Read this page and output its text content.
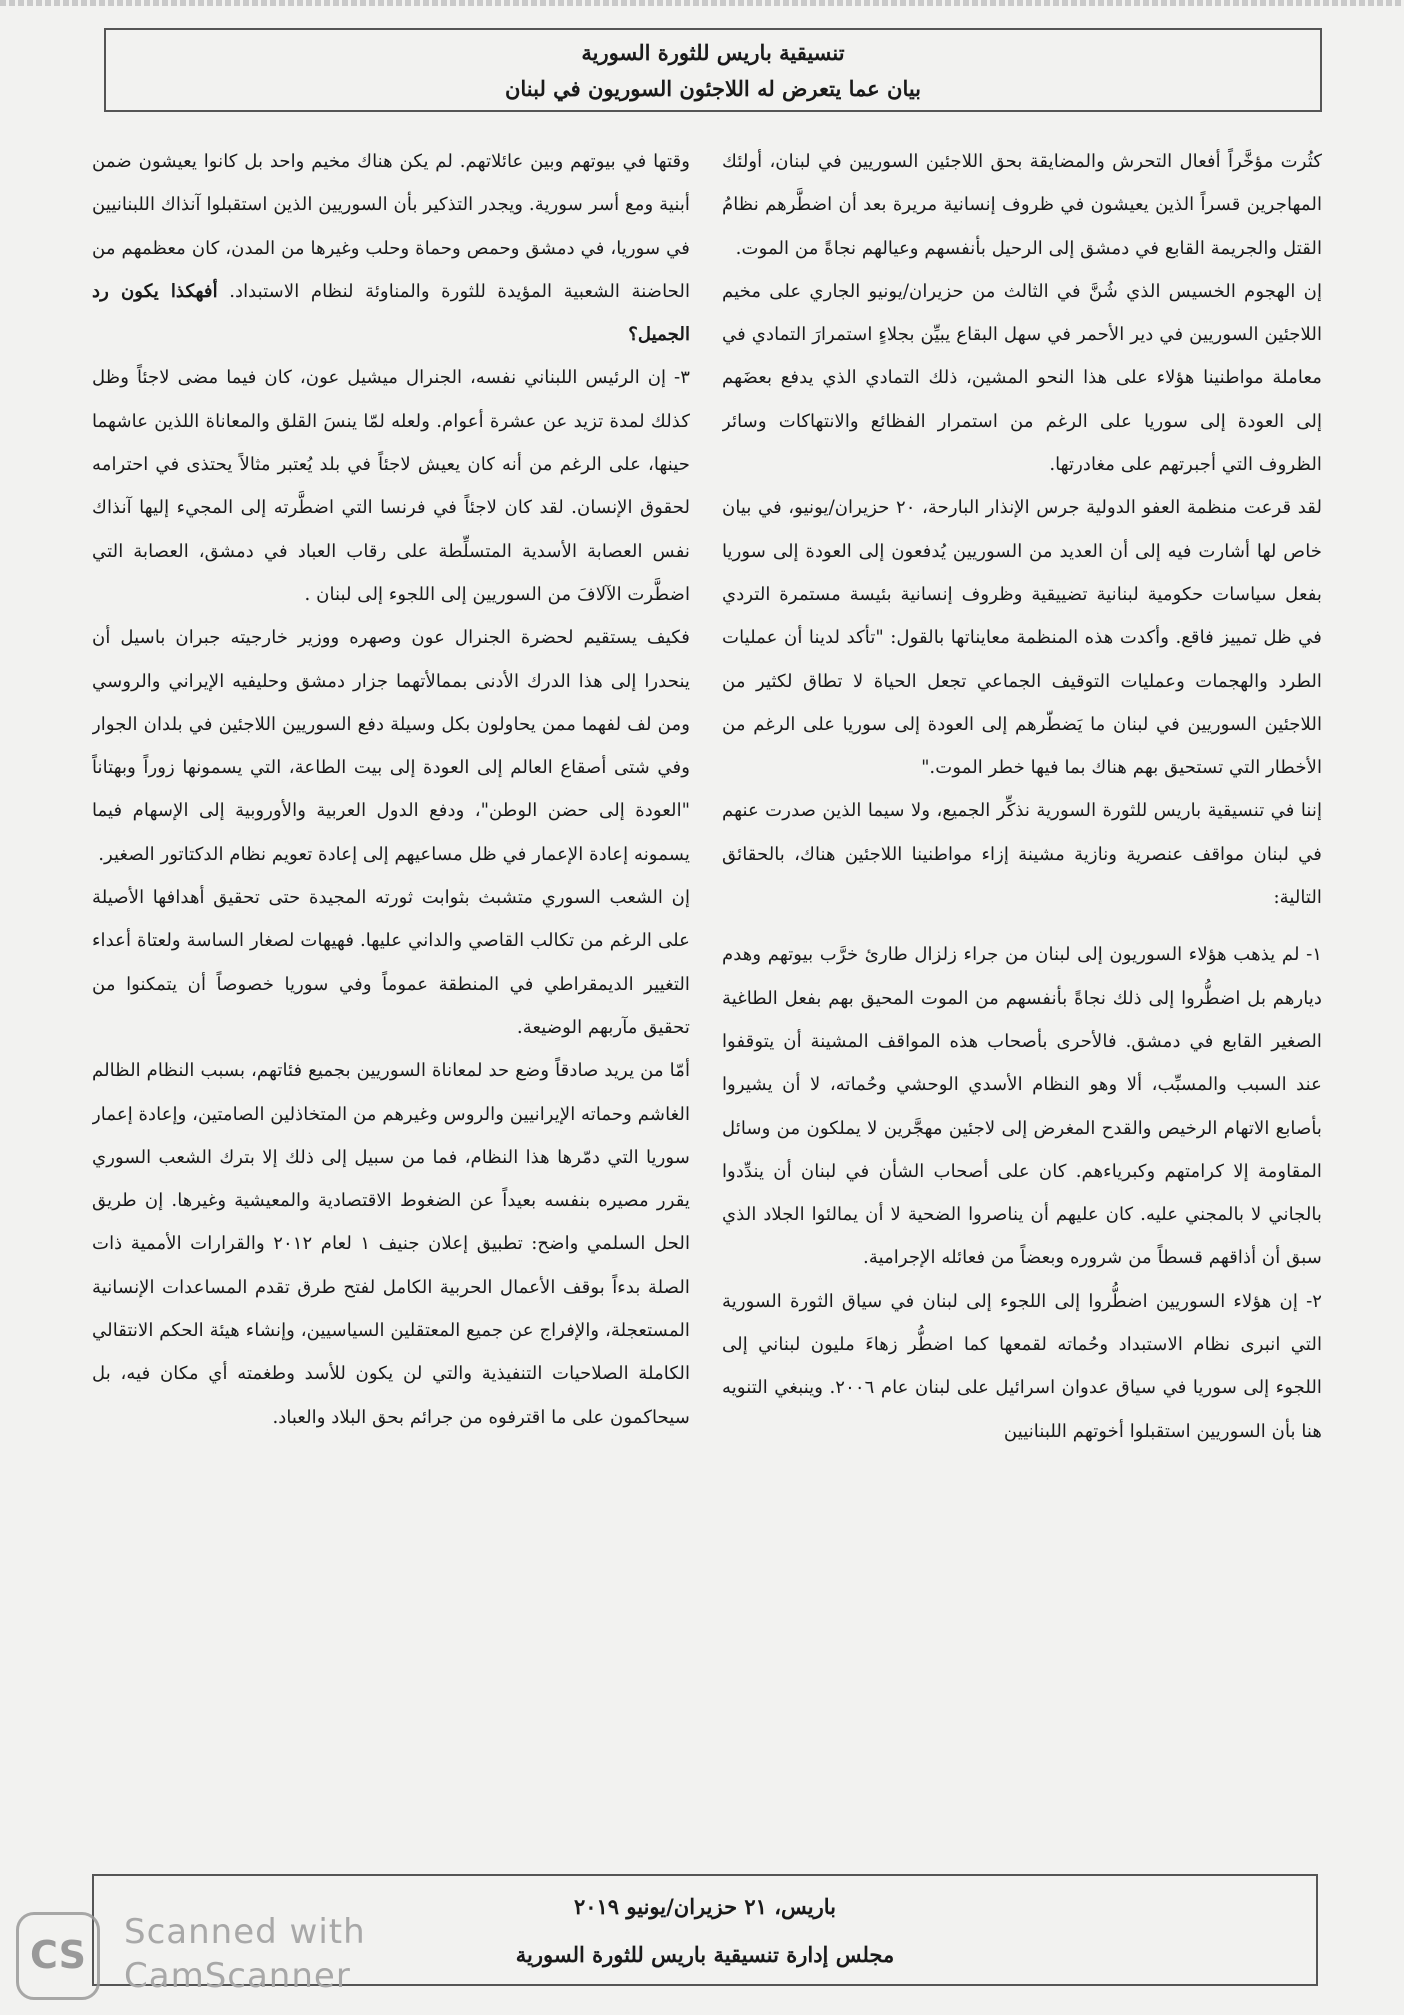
تنسيقية باريس للثورة السورية
بيان عما يتعرض له اللاجئون السوريون في لبنان

كثُرت مؤخَّراً أفعال التحرش والمضايقة بحق اللاجئين السوريين في لبنان، أولئك المهاجرين قسراً الذين يعيشون في ظروف إنسانية مريرة بعد أن اضطَّرهم نظامُ القتل والجريمة القابع في دمشق إلى الرحيل بأنفسهم وعيالهم نجاةً من الموت.

إن الهجوم الخسيس الذي شُنَّ في الثالث من حزيران/يونيو الجاري على مخيم اللاجئين السوريين في دير الأحمر في سهل البقاع يبيِّن بجلاءٍ استمرارَ التمادي في معاملة مواطنينا هؤلاء على هذا النحو المشين، ذلك التمادي الذي يدفع بعضَهم إلى العودة إلى سوريا على الرغم من استمرار الفظائع والانتهاكات وسائر الظروف التي أجبرتهم على مغادرتها.

لقد قرعت منظمة العفو الدولية جرس الإنذار البارحة، ٢٠ حزيران/يونيو، في بيان خاص لها أشارت فيه إلى أن العديد من السوريين يُدفعون إلى العودة إلى سوريا بفعل سياسات حكومية لبنانية تضييقية وظروف إنسانية بئيسة مستمرة التردي في ظل تمييز فاقع. وأكدت هذه المنظمة معايناتها بالقول: "تأكد لدينا أن عمليات الطرد والهجمات وعمليات التوقيف الجماعي تجعل الحياة لا تطاق لكثير من اللاجئين السوريين في لبنان ما يَضطّرهم إلى العودة إلى سوريا على الرغم من الأخطار التي تستحيق بهم هناك بما فيها خطر الموت."

إننا في تنسيقية باريس للثورة السورية نذكِّر الجميع، ولا سيما الذين صدرت عنهم في لبنان مواقف عنصرية ونازية مشينة إزاء مواطنينا اللاجئين هناك، بالحقائق التالية:

١- لم يذهب هؤلاء السوريون إلى لبنان من جراء زلزال طارئ خرَّب بيوتهم وهدم ديارهم بل اضطُّروا إلى ذلك نجاةً بأنفسهم من الموت المحيق بهم بفعل الطاغية الصغير القابع في دمشق. فالأحرى بأصحاب هذه المواقف المشينة أن يتوقفوا عند السبب والمسبِّب، ألا وهو النظام الأسدي الوحشي وحُماته، لا أن يشيروا بأصابع الاتهام الرخيص والقدح المغرض إلى لاجئين مهجَّرين لا يملكون من وسائل المقاومة إلا كرامتهم وكبرياءهم. كان على أصحاب الشأن في لبنان أن يندِّدوا بالجاني لا بالمجني عليه. كان عليهم أن يناصروا الضحية لا أن يمالئوا الجلاد الذي سبق أن أذاقهم قسطاً من شروره وبعضاً من فعائله الإجرامية.

٢- إن هؤلاء السوريين اضطُّروا إلى اللجوء إلى لبنان في سياق الثورة السورية التي انبرى نظام الاستبداد وحُماته لقمعها كما اضطُّر زهاءَ مليون لبناني إلى اللجوء إلى سوريا في سياق عدوان اسرائيل على لبنان عام ٢٠٠٦. وينبغي التنويه هنا بأن السوريين استقبلوا أخوتهم اللبنانيين

وقتها في بيوتهم وبين عائلاتهم. لم يكن هناك مخيم واحد بل كانوا يعيشون ضمن أبنية ومع أسر سورية. ويجدر التذكير بأن السوريين الذين استقبلوا آنذاك اللبنانيين في سوريا، في دمشق وحمص وحماة وحلب وغيرها من المدن، كان معظمهم من الحاضنة الشعبية المؤيدة للثورة والمناوئة لنظام الاستبداد. أفهكذا يكون رد الجميل؟

٣- إن الرئيس اللبناني نفسه، الجنرال ميشيل عون، كان فيما مضى لاجئاً وظل كذلك لمدة تزيد عن عشرة أعوام. ولعله لمّا ينسَ القلق والمعاناة اللذين عاشهما حينها، على الرغم من أنه كان يعيش لاجئاً في بلد يُعتبر مثالاً يحتذى في احترامه لحقوق الإنسان. لقد كان لاجئاً في فرنسا التي اضطَّرته إلى المجيء إليها آنذاك نفس العصابة الأسدية المتسلِّطة على رقاب العباد في دمشق، العصابة التي اضطَّرت الآلافَ من السوريين إلى اللجوء إلى لبنان .

فكيف يستقيم لحضرة الجنرال عون وصهره ووزير خارجيته جبران باسيل أن ينحدرا إلى هذا الدرك الأدنى بممالأتهما جزار دمشق وحليفيه الإيراني والروسي ومن لف لفهما ممن يحاولون بكل وسيلة دفع السوريين اللاجئين في بلدان الجوار وفي شتى أصقاع العالم إلى العودة إلى بيت الطاعة، التي يسمونها زوراً وبهتاناً "العودة إلى حضن الوطن"، ودفع الدول العربية والأوروبية إلى الإسهام فيما يسمونه إعادة الإعمار في ظل مساعيهم إلى إعادة تعويم نظام الدكتاتور الصغير.

إن الشعب السوري متشبث بثوابت ثورته المجيدة حتى تحقيق أهدافها الأصيلة على الرغم من تكالب القاصي والداني عليها. فهيهات لصغار الساسة ولعتاة أعداء التغيير الديمقراطي في المنطقة عموماً وفي سوريا خصوصاً أن يتمكنوا من تحقيق مآربهم الوضيعة.

أمّا من يريد صادقاً وضع حد لمعاناة السوريين بجميع فئاتهم، بسبب النظام الظالم الغاشم وحماته الإيرانيين والروس وغيرهم من المتخاذلين الصامتين، وإعادة إعمار سوريا التي دمّرها هذا النظام، فما من سبيل إلى ذلك إلا بترك الشعب السوري يقرر مصيره بنفسه بعيداً عن الضغوط الاقتصادية والمعيشية وغيرها. إن طريق الحل السلمي واضح: تطبيق إعلان جنيف ١ لعام ٢٠١٢ والقرارات الأممية ذات الصلة بدءاً بوقف الأعمال الحربية الكامل لفتح طرق تقدم المساعدات الإنسانية المستعجلة، والإفراج عن جميع المعتقلين السياسيين، وإنشاء هيئة الحكم الانتقالي الكاملة الصلاحيات التنفيذية والتي لن يكون للأسد وطغمته أي مكان فيه، بل سيحاكمون على ما اقترفوه من جرائم بحق البلاد والعباد.

باريس، ٢١ حزيران/يونيو ٢٠١٩
مجلس إدارة تنسيقية باريس للثورة السورية
CS
Scanned with
CamScanner
